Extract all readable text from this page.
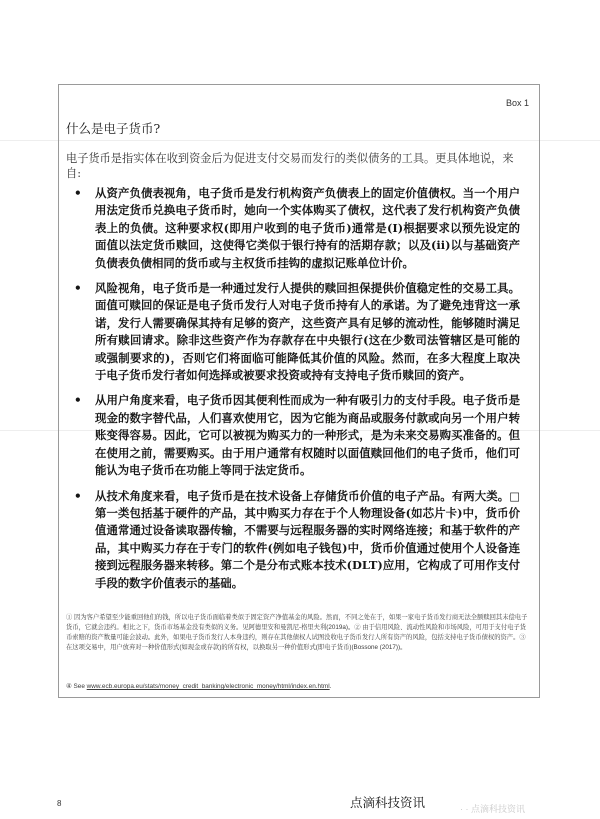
Box 1
什么是电子货币?
电子货币是指实体在收到资金后为促进支付交易而发行的类似债务的工具。更具体地说，来自:
• 从资产负债表视角，电子货币是发行机构资产负债表上的固定价值债权。当一个用户用法定货币兑换电子货币时，她向一个实体购买了债权，这代表了发行机构资产负债表上的负债。这种要求权(即用户收到的电子货币)通常是(I)根据要求以预先设定的面值以法定货币赎回，这使得它类似于银行持有的活期存款；以及(ii)以与基础资产负债表负债相同的货币或与主权货币挂钩的虚拟记账单位计价。
• 风险视角，电子货币是一种通过发行人提供的赎回担保提供价值稳定性的交易工具。面值可赎回的保证是电子货币发行人对电子货币持有人的承诺。为了避免违背这一承诺，发行人需要确保其持有足够的资产，这些资产具有足够的流动性，能够随时满足所有赎回请求。除非这些资产作为存款存在中央银行(这在少数司法管辖区是可能的或强制要求的)，否则它们将面临可能降低其价值的风险。然而，在多大程度上取决于电子货币发行者如何选择或被要求投资或持有支持电子货币赎回的资产。
• 从用户角度来看，电子货币因其便利性而成为一种有吸引力的支付手段。电子货币是现金的数字替代品，人们喜欢使用它，因为它能为商品或服务付款或向另一个用户转账变得容易。因此，它可以被视为购买力的一种形式，是为未来交易购买准备的。但在使用之前，需要购买。由于用户通常有权随时以面值赎回他们的电子货币，他们可能认为电子货币在功能上等同于法定货币。
• 从技术角度来看，电子货币是在技术设备上存储货币价值的电子产品。有两大类。□ 第一类包括基于硬件的产品，其中购买力存在于个人物理设备(如芯片卡)中，货币价值通常通过设备读取器传输，不需要与远程服务器的实时网络连接；和基于软件的产品，其中购买力存在于专门的软件(例如电子钱包)中，货币价值通过使用个人设备连接到远程服务器来转移。第二个是分布式账本技术(DLT)应用，它构成了可用作支付手段的数字价值表示的基础。
① 因为客户希望至少能重回他们的钱，所以电子货币面临着类似于固定资产净值基金的风险。然而，不同之处在于，如果一家电子货币发行商无法全额赎回其未偿电子货币，它就会违约。相比之下，货币市场基金没有类似的义务。见阿德里安和曼凯尼-格里夫利(2019a)。② 由于信用风险、流动性风险和市场风险，可用于支付电子货币索赔的资产数量可能会波动。此外，如果电子货币发行人本身违约，则存在其他债权人试图没收电子货币发行人所有资产的风险，包括支持电子货币债权的资产。③ 在这项交易中，用户放弃对一种价值形式(如现金或存款)的所有权，以换取另一种价值形式(即电子货币)(Bossone (2017))。
④ See www.ecb.europa.eu/stats/money_credit_banking/electronic_money/html/index.en.html.
8	点滴科技资讯	· · 点滴科技资讯
